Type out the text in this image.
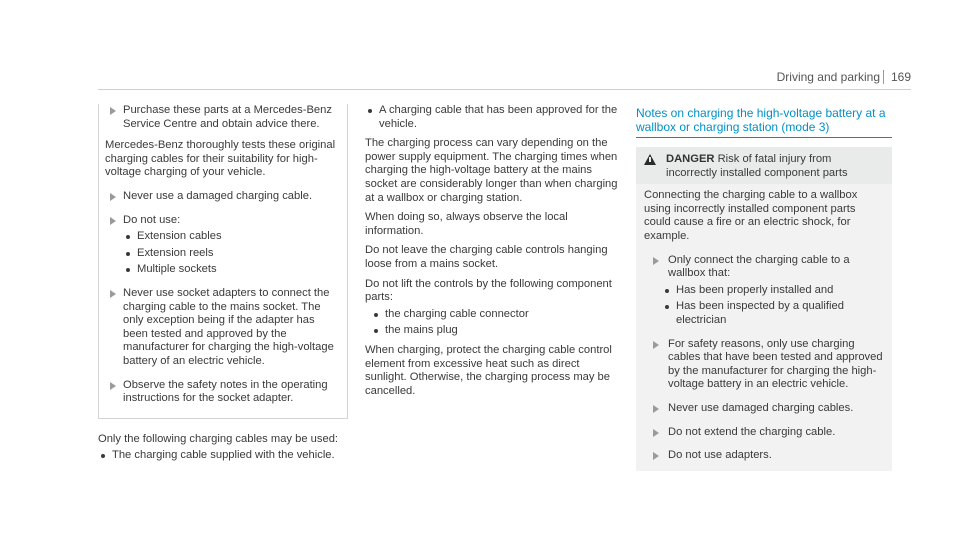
Driving and parking 169
Purchase these parts at a Mercedes-Benz Service Centre and obtain advice there.
Mercedes-Benz thoroughly tests these original charging cables for their suitability for high-voltage charging of your vehicle.
Never use a damaged charging cable.
Do not use:
Extension cables
Extension reels
Multiple sockets
Never use socket adapters to connect the charging cable to the mains socket. The only exception being if the adapter has been tested and approved by the manufacturer for charging the high-voltage battery of an electric vehicle.
Observe the safety notes in the operating instructions for the socket adapter.
Only the following charging cables may be used:
The charging cable supplied with the vehicle.
A charging cable that has been approved for the vehicle.
The charging process can vary depending on the power supply equipment. The charging times when charging the high-voltage battery at the mains socket are considerably longer than when charging at a wallbox or charging station.
When doing so, always observe the local information.
Do not leave the charging cable controls hanging loose from a mains socket.
Do not lift the controls by the following component parts:
the charging cable connector
the mains plug
When charging, protect the charging cable control element from excessive heat such as direct sunlight. Otherwise, the charging process may be cancelled.
Notes on charging the high-voltage battery at a wallbox or charging station (mode 3)
DANGER Risk of fatal injury from incorrectly installed component parts
Connecting the charging cable to a wallbox using incorrectly installed component parts could cause a fire or an electric shock, for example.
Only connect the charging cable to a wallbox that:
Has been properly installed and
Has been inspected by a qualified electrician
For safety reasons, only use charging cables that have been tested and approved by the manufacturer for charging the high-voltage battery in an electric vehicle.
Never use damaged charging cables.
Do not extend the charging cable.
Do not use adapters.
